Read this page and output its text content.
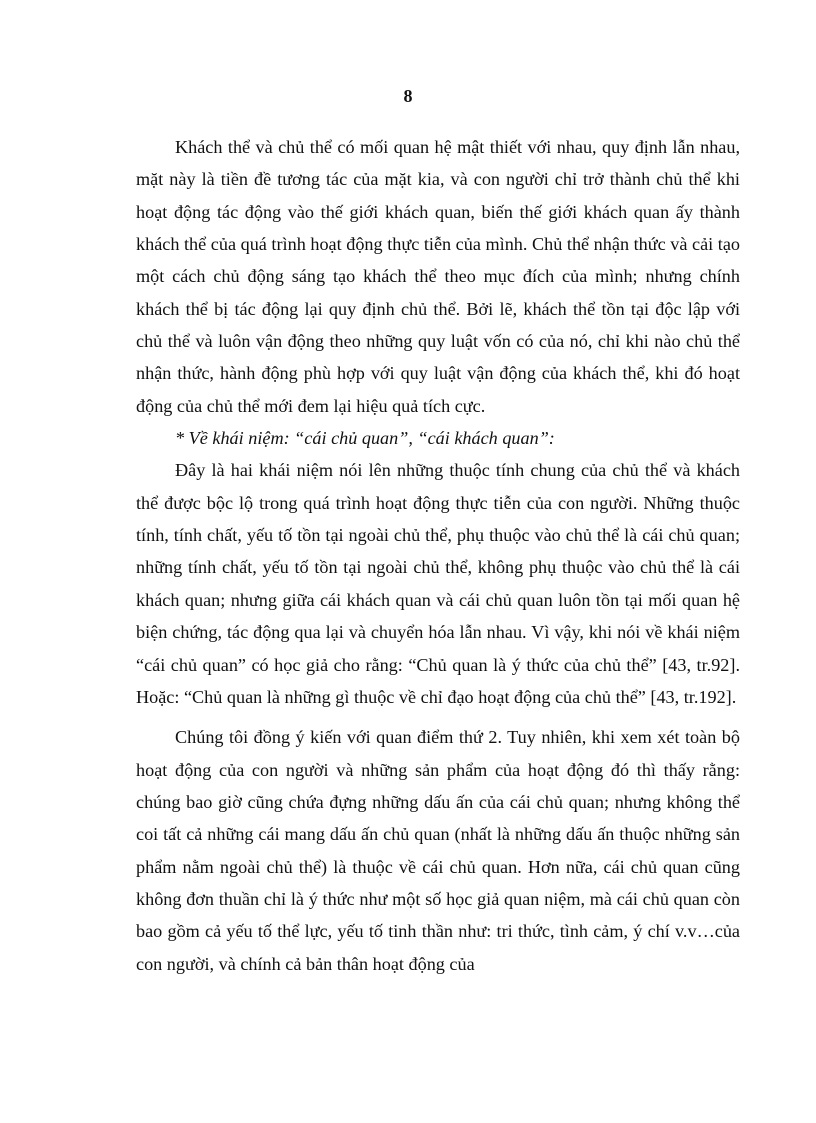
8

Khách thể và chủ thể có mối quan hệ mật thiết với nhau, quy định lẫn nhau, mặt này là tiền đề tương tác của mặt kia, và con người chỉ trở thành chủ thể khi hoạt động tác động vào thế giới khách quan, biến thế giới khách quan ấy thành khách thể của quá trình hoạt động thực tiễn của mình. Chủ thể nhận thức và cải tạo một cách chủ động sáng tạo khách thể theo mục đích của mình; nhưng chính khách thể bị tác động lại quy định chủ thể. Bởi lẽ, khách thể tồn tại độc lập với chủ thể và luôn vận động theo những quy luật vốn có của nó, chỉ khi nào chủ thể nhận thức, hành động phù hợp với quy luật vận động của khách thể, khi đó hoạt động của chủ thể mới đem lại hiệu quả tích cực.

* Về khái niệm: “cái chủ quan”, “cái khách quan”:

Đây là hai khái niệm nói lên những thuộc tính chung của chủ thể và khách thể được bộc lộ trong quá trình hoạt động thực tiễn của con người. Những thuộc tính, tính chất, yếu tố tồn tại ngoài chủ thể, phụ thuộc vào chủ thể là cái chủ quan; những tính chất, yếu tố tồn tại ngoài chủ thể, không phụ thuộc vào chủ thể là cái khách quan; nhưng giữa cái khách quan và cái chủ quan luôn tồn tại mối quan hệ biện chứng, tác động qua lại và chuyển hóa lẫn nhau. Vì vậy, khi nói về khái niệm “cái chủ quan” có học giả cho rằng: “Chủ quan là ý thức của chủ thể” [43, tr.92]. Hoặc: “Chủ quan là những gì thuộc về chỉ đạo hoạt động của chủ thể” [43, tr.192].

Chúng tôi đồng ý kiến với quan điểm thứ 2. Tuy nhiên, khi xem xét toàn bộ hoạt động của con người và những sản phẩm của hoạt động đó thì thấy rằng: chúng bao giờ cũng chứa đựng những dấu ấn của cái chủ quan; nhưng không thể coi tất cả những cái mang dấu ấn chủ quan (nhất là những dấu ấn thuộc những sản phẩm nằm ngoài chủ thể) là thuộc về cái chủ quan. Hơn nữa, cái chủ quan cũng không đơn thuần chỉ là ý thức như một số học giả quan niệm, mà cái chủ quan còn bao gồm cả yếu tố thể lực, yếu tố tinh thần như: tri thức, tình cảm, ý chí v.v…của con người, và chính cả bản thân hoạt động của
